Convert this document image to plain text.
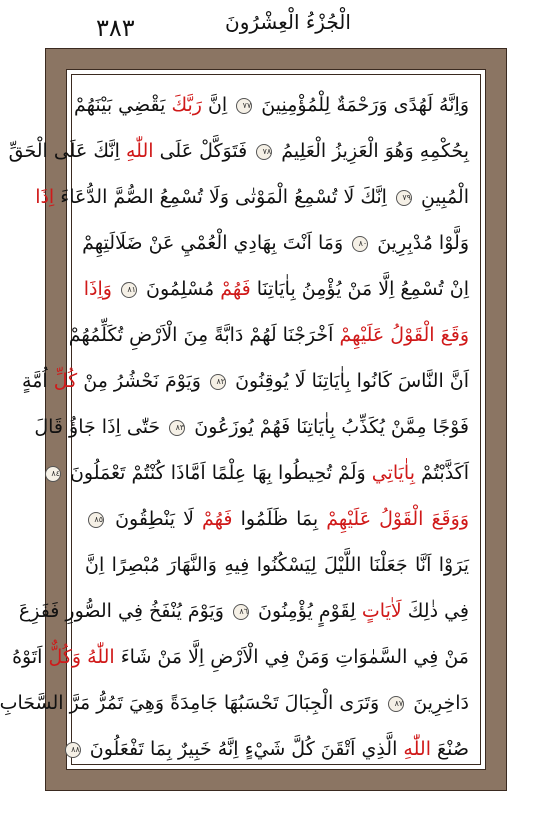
٣٨٣	الْجُزْءُ الْعِشْرُونَ
وَاِنَّهُ لَهُدًى وَرَحْمَةٌ لِلْمُؤْمِنِينَ ٧٧ اِنَّ رَبَّكَ يَقْضِي بَيْنَهُمْ
بِحُكْمِهِ وَهُوَ الْعَزِيزُ الْعَلِيمُ ٧٨ فَتَوَكَّلْ عَلَى اللّٰهِ اِنَّكَ عَلَى الْحَقِّ
الْمُبِينِ ٧٩ اِنَّكَ لَا تُسْمِعُ الْمَوْتٰى وَلَا تُسْمِعُ الصُّمَّ الدُّعَاءَ اِذَا
وَلَّوْا مُدْبِرِينَ ٨٠ وَمَا اَنْتَ بِهَادِي الْعُمْيِ عَنْ ضَلَالَتِهِمْ
اِنْ تُسْمِعُ اِلَّا مَنْ يُؤْمِنُ بِاٰيَاتِنَا فَهُمْ مُسْلِمُونَ ٨١ وَاِذَا
وَقَعَ الْقَوْلُ عَلَيْهِمْ اَخْرَجْنَا لَهُمْ دَابَّةً مِنَ الْاَرْضِ تُكَلِّمُهُمْ
اَنَّ النَّاسَ كَانُوا بِاٰيَاتِنَا لَا يُوقِنُونَ ٨٢ وَيَوْمَ نَحْشُرُ مِنْ كُلِّ اُمَّةٍ
فَوْجًا مِمَّنْ يُكَذِّبُ بِاٰيَاتِنَا فَهُمْ يُوزَعُونَ ٨٣ حَتّٰى اِذَا جَاؤُ قَالَ
اَكَذَّبْتُمْ بِاٰيَاتِي وَلَمْ تُحِيطُوا بِهَا عِلْمًا اَمَّاذَا كُنْتُمْ تَعْمَلُونَ ٨٤
وَوَقَعَ الْقَوْلُ عَلَيْهِمْ بِمَا ظَلَمُوا فَهُمْ لَا يَنْطِقُونَ ٨٥
يَرَوْا اَنَّا جَعَلْنَا اللَّيْلَ لِيَسْكُنُوا فِيهِ وَالنَّهَارَ مُبْصِرًا اِنَّ
فِي ذٰلِكَ لَاٰيَاتٍ لِقَوْمٍ يُؤْمِنُونَ ٨٦ وَيَوْمَ يُنْفَخُ فِي الصُّورِ فَفَزِعَ
مَنْ فِي السَّمٰوَاتِ وَمَنْ فِي الْاَرْضِ اِلَّا مَنْ شَاءَ اللّٰهُ وَكُلٌّ اَتَوْهُ
دَاخِرِينَ ٨٧ وَتَرَى الْجِبَالَ تَحْسَبُهَا جَامِدَةً وَهِيَ تَمُرُّ مَرَّ السَّحَابِ
صُنْعَ اللّٰهِ الَّذِي اَتْقَنَ كُلَّ شَيْءٍ اِنَّهُ خَبِيرٌ بِمَا تَفْعَلُونَ ٨٨
